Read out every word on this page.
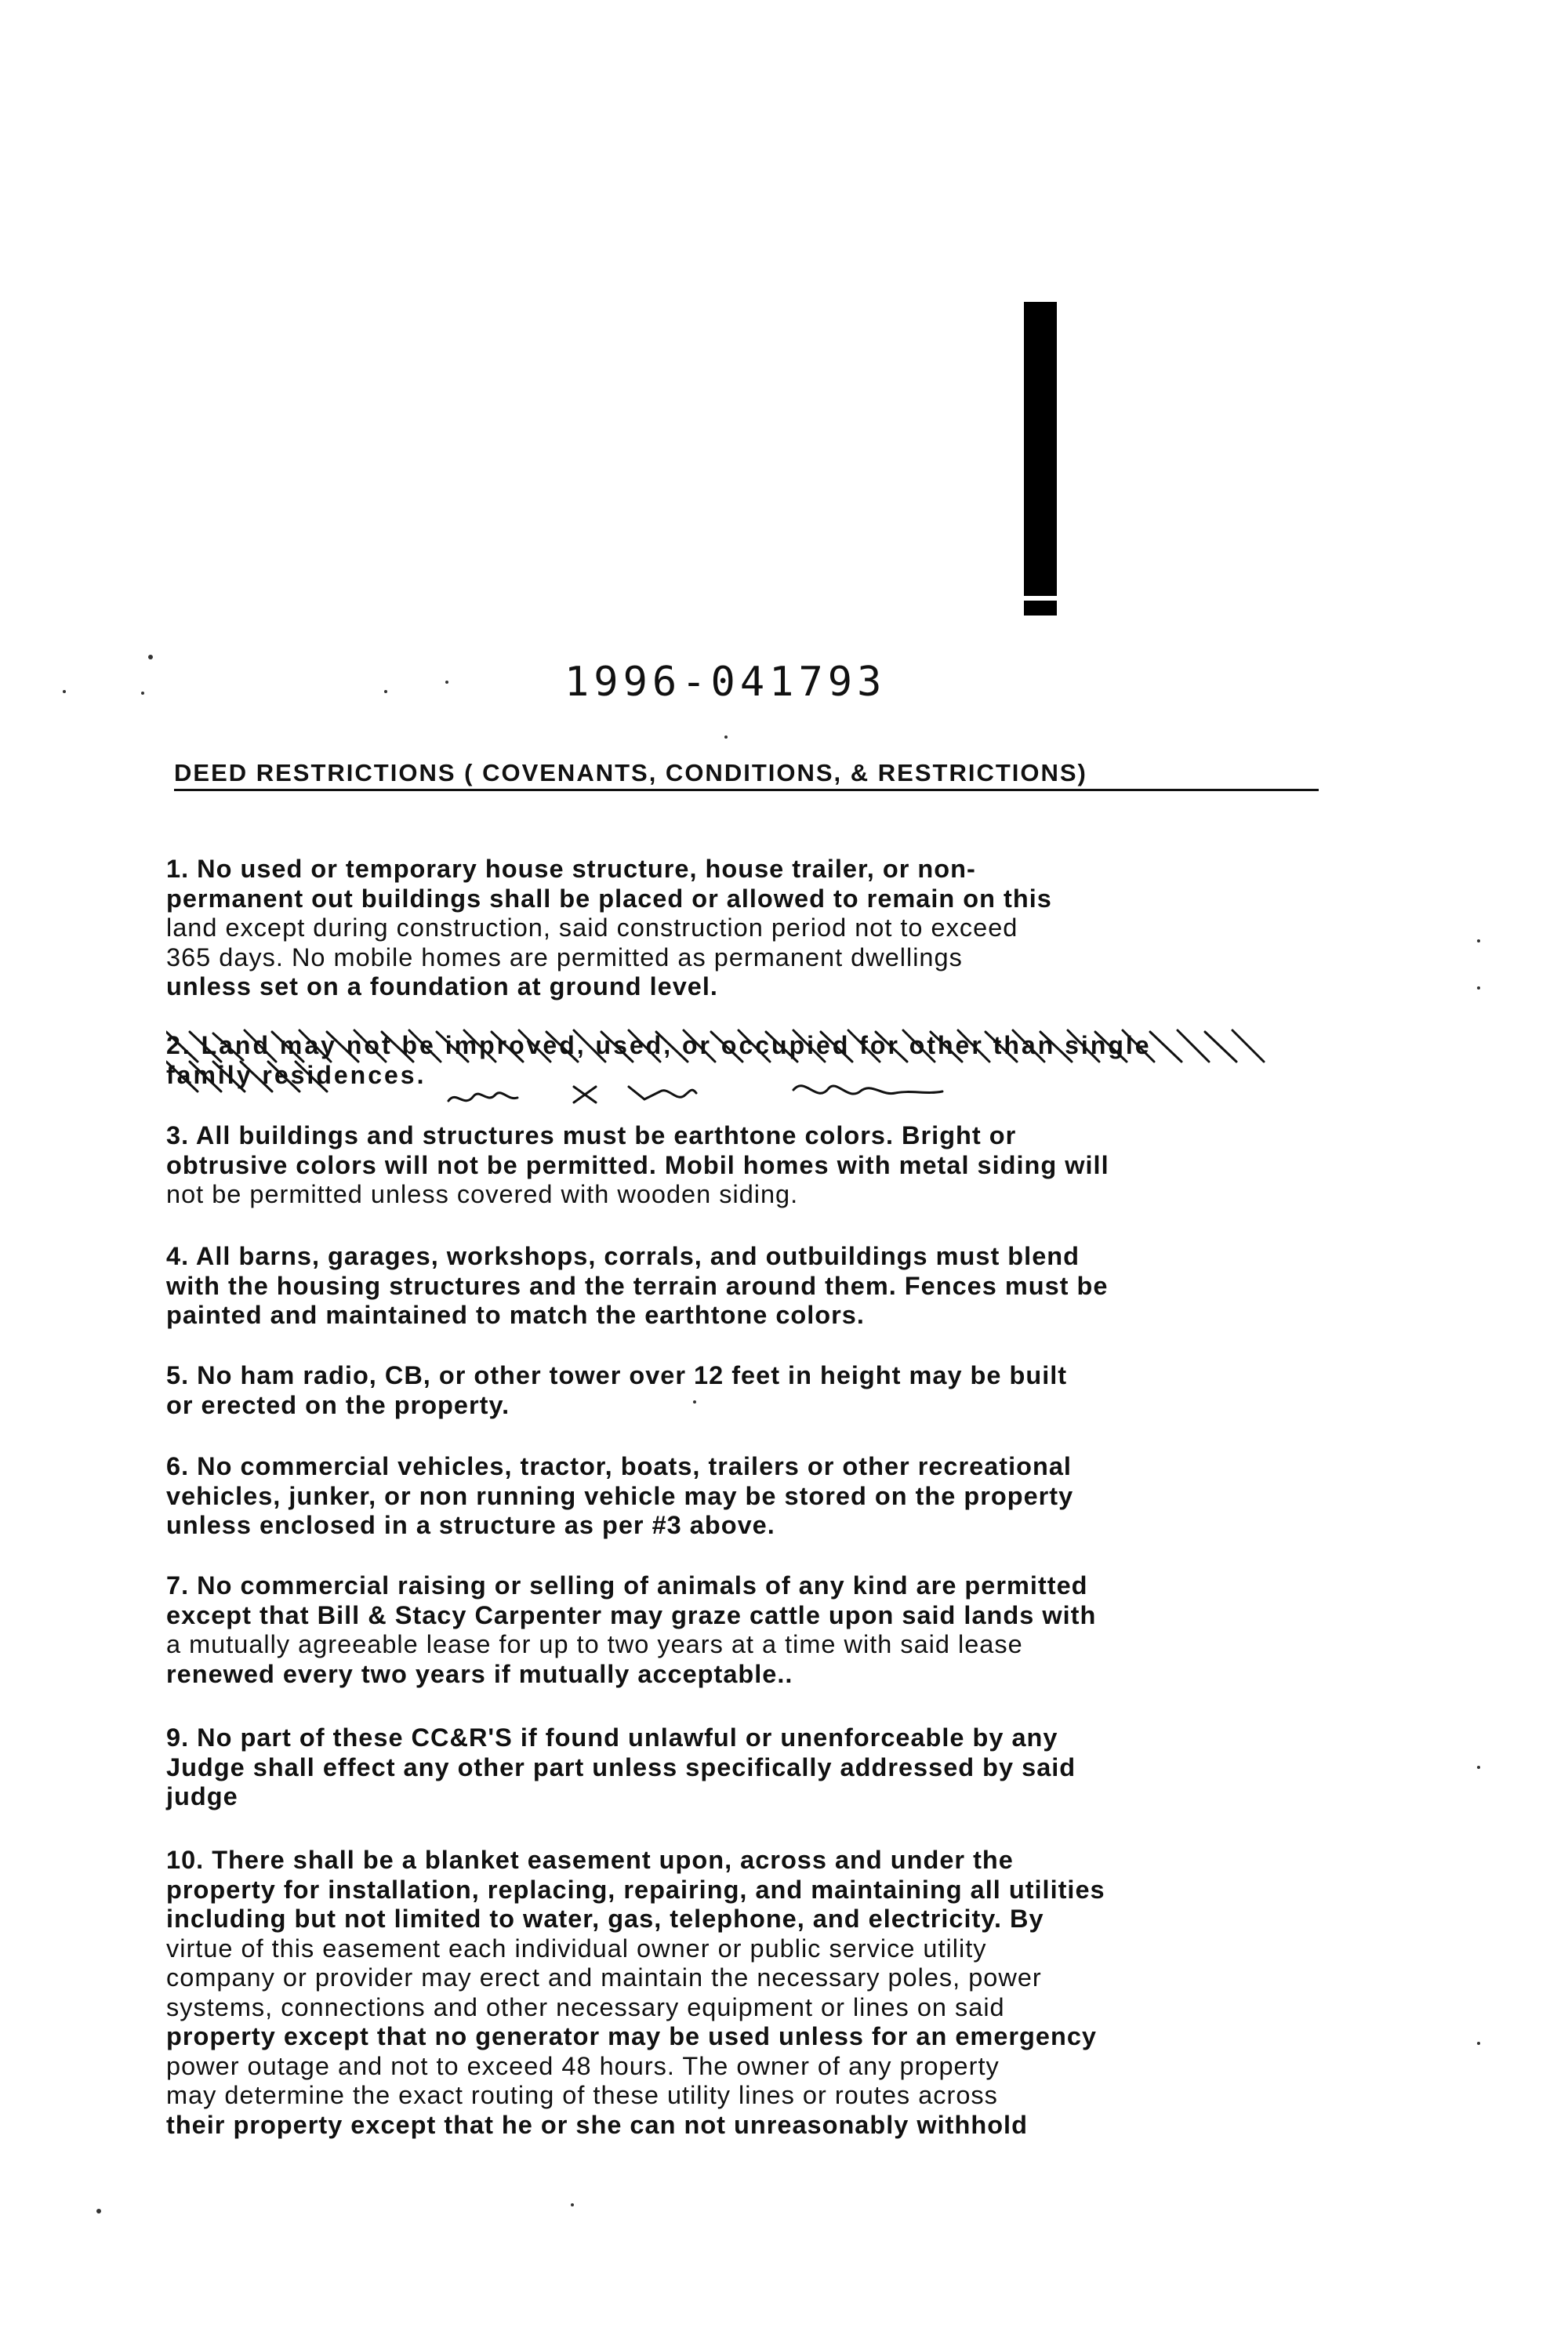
1996-041793
DEED RESTRICTIONS ( COVENANTS, CONDITIONS, & RESTRICTIONS)
1. No used or temporary house structure, house trailer, or non-
permanent out buildings shall be placed or allowed to remain on this
land except during construction, said construction period not to exceed
365 days. No mobile homes are permitted as permanent dwellings
unless set on a foundation at ground level.
2. Land may not be improved, used, or occupied for other than single
family residences.
3. All buildings and structures must be earthtone colors. Bright or
obtrusive colors will not be permitted. Mobil homes with metal siding will
not be permitted unless covered with wooden siding.
4. All barns, garages, workshops, corrals, and outbuildings must blend
with the housing structures and the terrain around them. Fences must be
painted and maintained to match the earthtone colors.
5. No ham radio, CB, or other tower over 12 feet in height may be built
or erected on the property.
6. No commercial vehicles, tractor, boats, trailers or other recreational
vehicles, junker, or non running vehicle may be stored on the property
unless enclosed in a structure as per #3 above.
7. No commercial raising or selling of animals of any kind are permitted
except that Bill & Stacy Carpenter may graze cattle upon said lands with
a mutually agreeable lease for up to two years at a time with said lease
renewed every two years if mutually acceptable..
9. No part of these CC&R'S if found unlawful or unenforceable by any
Judge shall effect any other part unless specifically addressed by said
judge
10. There shall be a blanket easement upon, across and under the
property for installation, replacing, repairing, and maintaining all utilities
including but not limited to water, gas, telephone, and electricity. By
virtue of this easement each individual owner or public service utility
company or provider may erect and maintain the necessary poles, power
systems, connections and other necessary equipment or lines on said
property except that no generator may be used unless for an emergency
power outage and not to exceed 48 hours. The owner of any property
may determine the exact routing of these utility lines or routes across
their property except that he or she can not unreasonably withhold
